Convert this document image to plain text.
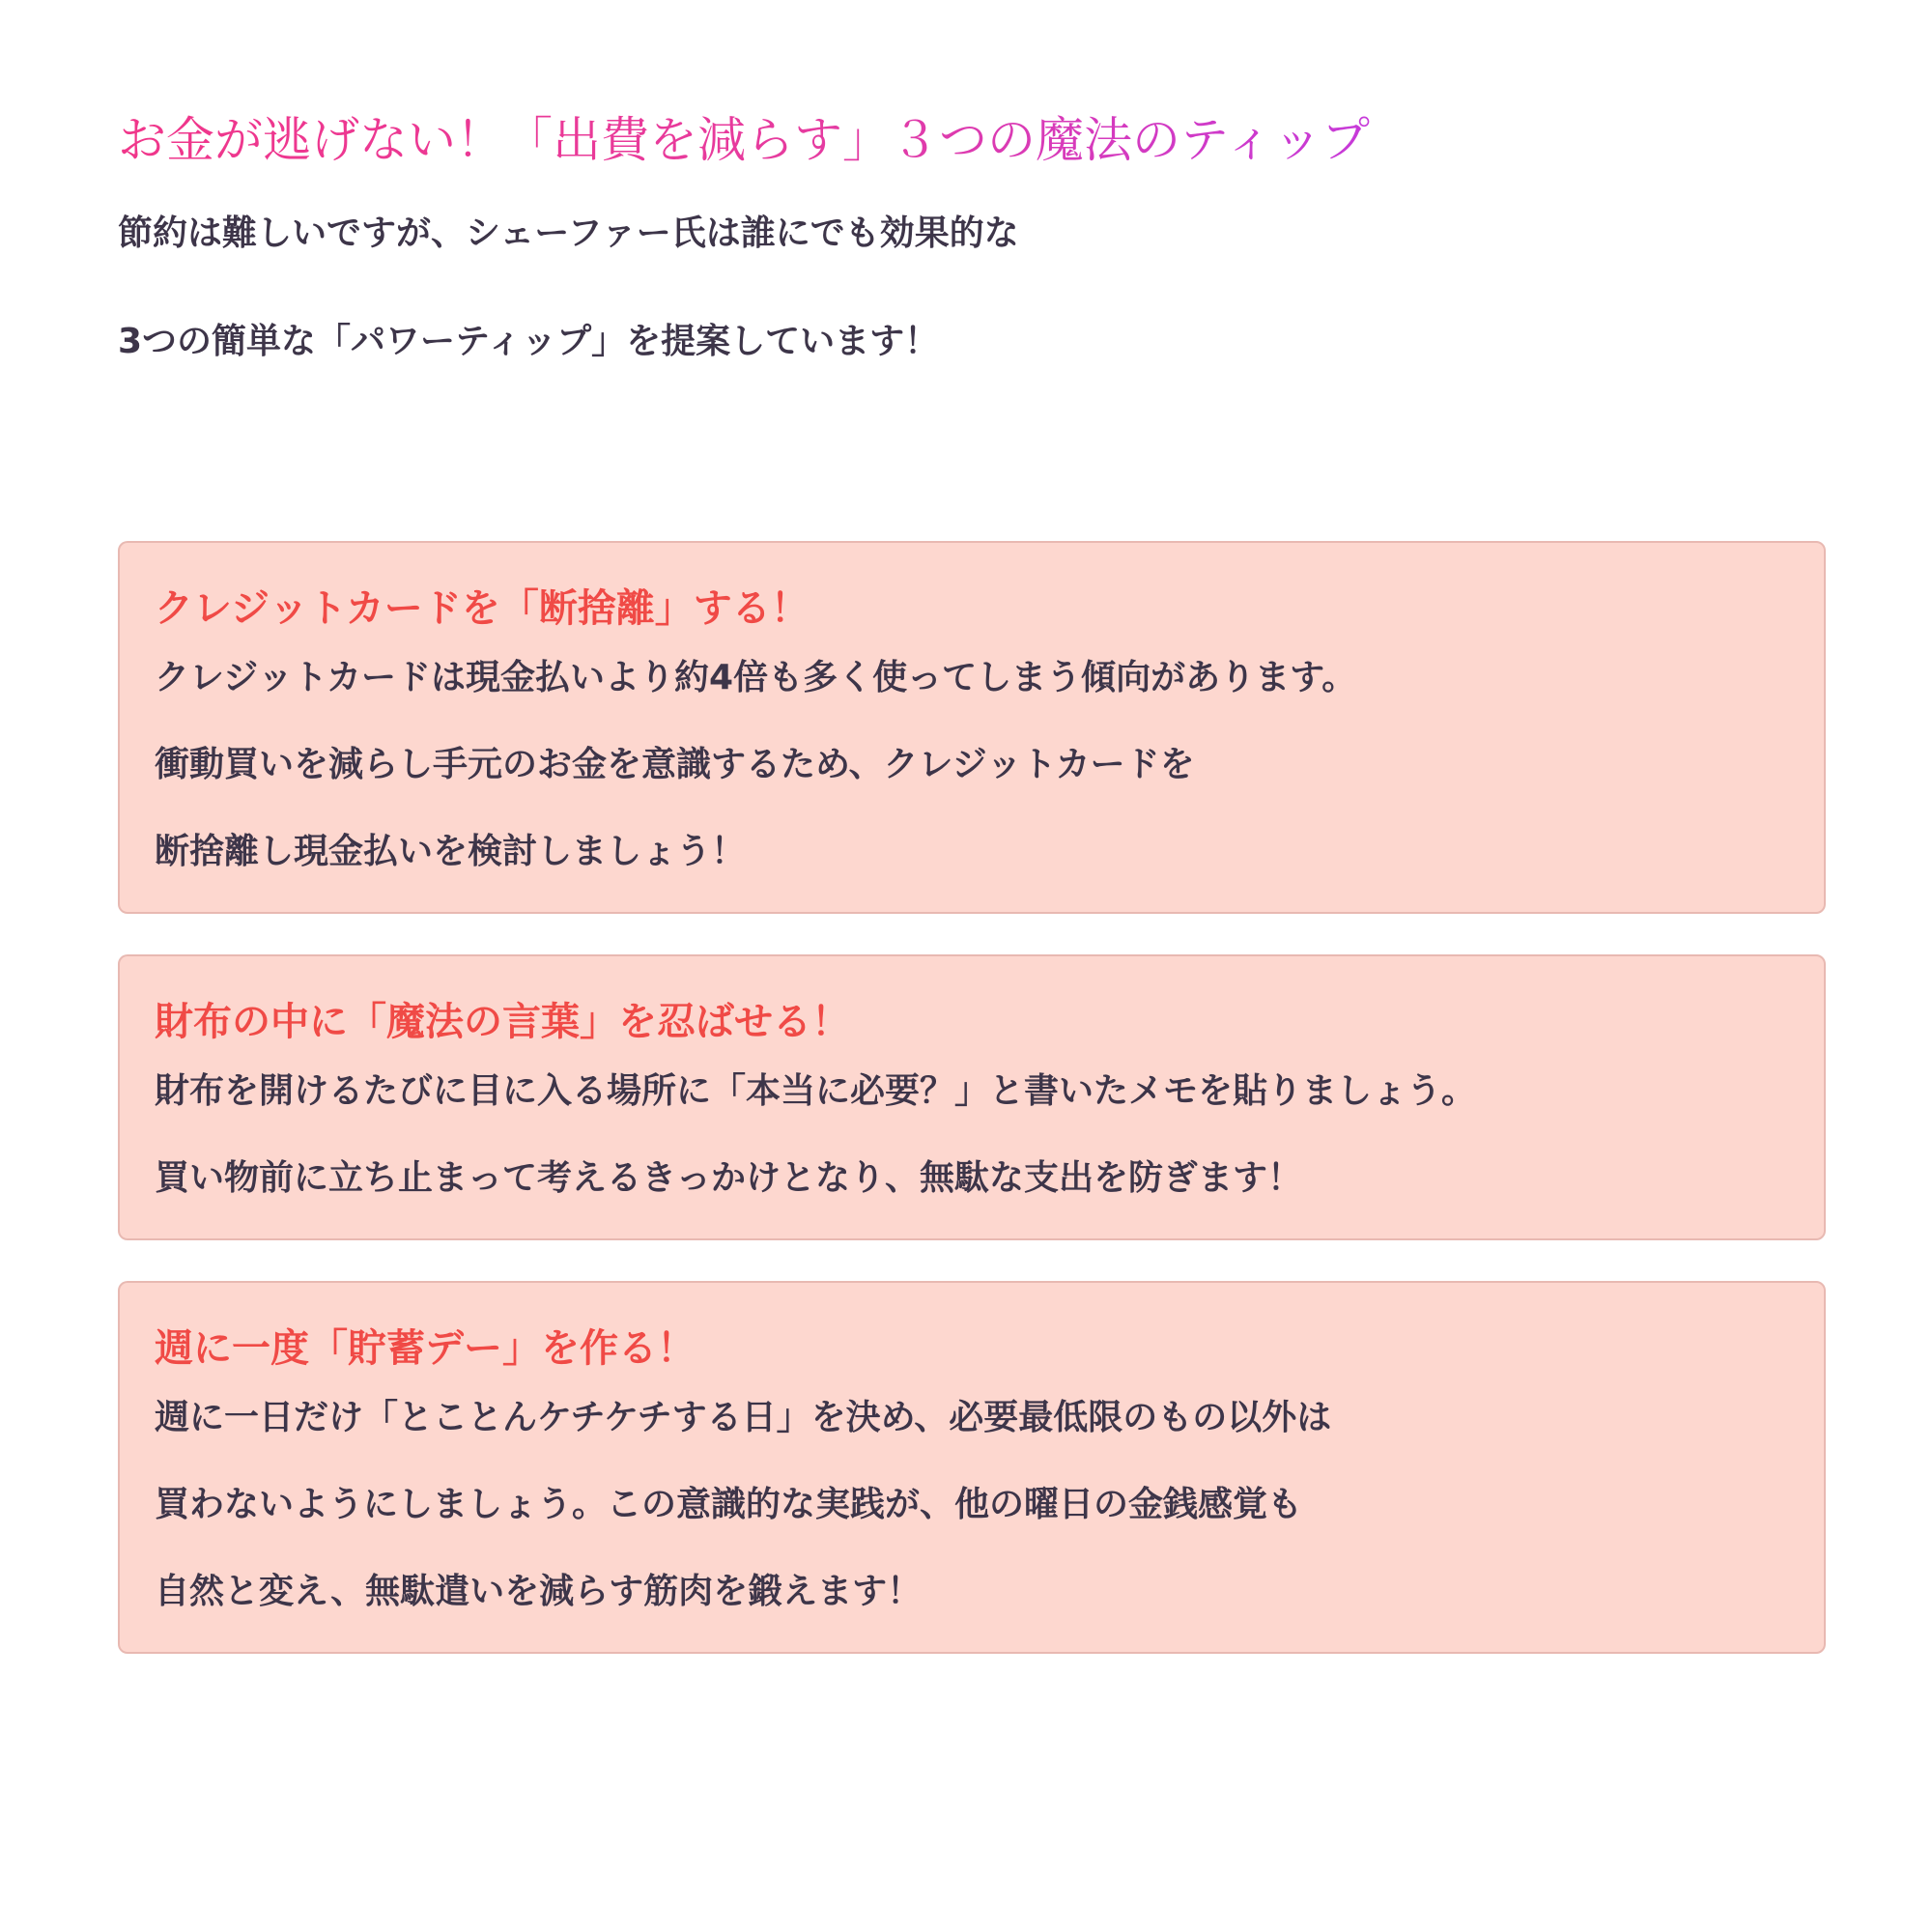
お金が逃げない！「出費を減らす」３つの魔法のティップ

節約は難しいですが、シェーファー氏は誰にでも効果的な

3つの簡単な「パワーティップ」を提案しています！

クレジットカードを「断捨離」する！

クレジットカードは現金払いより約4倍も多く使ってしまう傾向があります。

衝動買いを減らし手元のお金を意識するため、クレジットカードを

断捨離し現金払いを検討しましょう！

財布の中に「魔法の言葉」を忍ばせる！

財布を開けるたびに目に入る場所に「本当に必要？」と書いたメモを貼りましょう。

買い物前に立ち止まって考えるきっかけとなり、無駄な支出を防ぎます！

週に一度「貯蓄デー」を作る！

週に一日だけ「とことんケチケチする日」を決め、必要最低限のもの以外は

買わないようにしましょう。この意識的な実践が、他の曜日の金銭感覚も

自然と変え、無駄遣いを減らす筋肉を鍛えます！
